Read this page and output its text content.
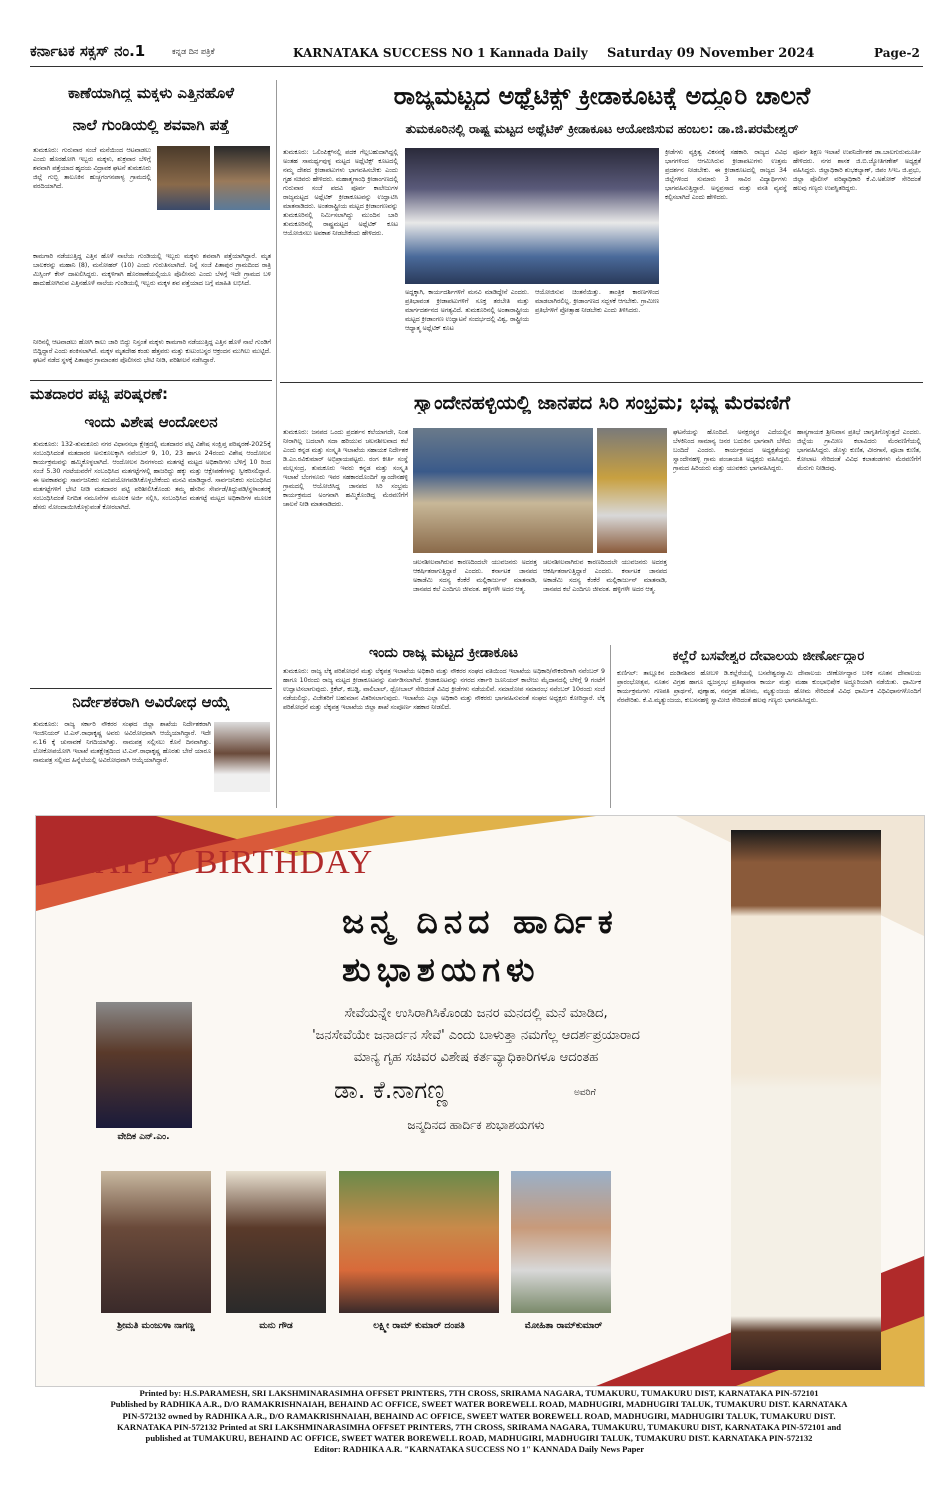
ಕರ್ನಾಟಕ ಸಕ್ಸಸ್ ನಂ.1	ಕನ್ನಡ ದಿನ ಪತ್ರಿಕೆ	KARNATAKA SUCCESS NO 1 Kannada Daily Saturday 09 November 2024	Page-2
ಕಾಣೆಯಾಗಿದ್ದ ಮಕ್ಕಳು ಎತ್ತಿನಹೊಳೆ
ನಾಲೆ ಗುಂಡಿಯಲ್ಲಿ ಶವವಾಗಿ ಪತ್ತೆ
ತುಮಕೂರು: ಗುರುವಾರ ಸಂಜೆ ಮನೆಯಿಂದ ಆಟವಾಡಲು ಎಂದು ಹೊರಹೋಗಿ ಇಬ್ಬರು ಮಕ್ಕಳು, ಶುಕ್ರವಾರ ಬೆಳಿಗ್ಗೆ ಶವವಾಗಿ ಪತ್ತೆಯಾದ ಹೃದಯ ವಿದ್ರಾವಕ ಘಟನೆ ತುಮಕೂರು ಜಿಲ್ಲೆ ಗುಬ್ಬಿ ತಾಲೂಕಿನ ಹುಚ್ಚಗಂಗನಪಾಳ್ಯ ಗ್ರಾಮದಲ್ಲಿ ವರದಿಯಾಗಿದೆ.
ಕಾಮಗಾರಿ ನಡೆಯುತ್ತಿದ್ದ ಎತ್ತಿನ ಹೊಳೆ ನಾಲೆಯ ಗುಂಡಿಯಲ್ಲಿ ಇಬ್ಬರು ಮಕ್ಕಳು ಶವವಾಗಿ ಪತ್ತೆಯಾಗಿದ್ದಾರೆ. ಮೃತ ಬಾಲಕರನ್ನು ಮಹಾನಿ (8), ಮನೋಹರ್ (10) ಎಂದು ಗುರುತಿಸಲಾಗಿದೆ. ನಿನ್ನೆ ಸಂಜೆ ಪಿತಾಪುರ ಗ್ರಾಮದಿಂದ ರಾತ್ರಿ ಮಿಸ್ಸಿಂಗ್ ಕೇಸ್ ದಾಖಲಿಸಿದ್ದರು. ಮಕ್ಕಳಿಗಾಗಿ ಹೊರಠಾಣೆಯಲ್ಲಿಯೂ ಪೊಲೀಸರು ಎಂದು ಬೆಳಗ್ಗೆ ಇದೇ ಗ್ರಾಮದ ಬಳಿ ಹಾದುಹೋಗಿರುವ ಎತ್ತಿನಹೊಳೆ ನಾಲೆಯ ಗುಂಡಿಯಲ್ಲಿ ಇಬ್ಬರು ಮಕ್ಕಳ ಶವ ಪತ್ತೆಯಾದ ಬಗ್ಗೆ ಮಾಹಿತಿ ಲಭಿಸಿದೆ.
ನೀರಿನಲ್ಲಿ ಆಟವಾಡಲು ಹೋಗಿ ಕಾಲು ಜಾರಿ ಬಿದ್ದು ನಿಸ್ತಂತೆ ಮಕ್ಕಳು ಕಾಮಗಾರಿ ನಡೆಯುತ್ತಿದ್ದ ಎತ್ತಿನ ಹೊಳೆ ನಾಲೆ ಗುಂಡಿಗೆ ಬಿದ್ದಿದ್ದಾರೆ ಎಂದು ಶಂಕಿಸಲಾಗಿದೆ. ಮಕ್ಕಳ ಮೃತದೇಹ ಕಂಡು ಹೆತ್ತವರು ಮತ್ತು ಕುಟುಂಬಸ್ಥರ ಆಕ್ರಂದನ ಮುಗಿಲು ಮುಟ್ಟಿದೆ. ಘಟನೆ ನಡೆದ ಸ್ಥಳಕ್ಕೆ ಪಿತಾಪುರ ಗ್ರಾಮಾಂತರ ಪೊಲೀಸರು ಭೇಟಿ ನೀಡಿ, ಪರಿಶೀಲನೆ ನಡೆಸಿದ್ದಾರೆ.
ಮತದಾರರ ಪಟ್ಟಿ ಪರಿಷ್ಕರಣೆ:
ಇಂದು ವಿಶೇಷ ಆಂದೋಲನ
ತುಮಕೂರು: 132-ತುಮಕೂರು ನಗರ ವಿಧಾನಸಭಾ ಕ್ಷೇತ್ರದಲ್ಲಿ ಮತದಾರರ ಪಟ್ಟಿ ವಿಶೇಷ ಸಂಕ್ಷಿಪ್ತ ಪರಿಷ್ಕರಣೆ-2025ಕ್ಕೆ ಸಂಬಂಧಿಸಿದಂತೆ ಮತದಾರರ ಅನುಕೂಲಕ್ಕಾಗಿ ನವೆಂಬರ್ 9, 10, 23 ಹಾಗೂ 24ರಂದು ವಿಶೇಷ ಆಂದೋಲನ ಕಾರ್ಯಕ್ರಮವನ್ನು ಹಮ್ಮಿಕೊಳ್ಳಲಾಗಿದೆ. ಆಂದೋಲನ ದಿನಗಳಂದು ಮತಗಟ್ಟೆ ಮಟ್ಟದ ಅಧಿಕಾರಿಗಳು ಬೆಳಿಗ್ಗೆ 10 ರಿಂದ ಸಂಜೆ 5.30 ಗಂಟೆಯವರೆಗೆ ಸಂಬಂಧಿಸಿದ ಮತಗಟ್ಟೆಗಳಲ್ಲಿ ಹಾಜರಿದ್ದು ಹಕ್ಕು ಮತ್ತು ಆಕ್ಷೇಪಣೆಗಳನ್ನು ಸ್ವೀಕರಿಸಲಿದ್ದಾರೆ. ಈ ಅವಕಾಶವನ್ನು ಸಾರ್ವಜನಿಕರು ಸದುಪಯೋಗಪಡಿಸಿಕೊಳ್ಳಬೇಕೆಂದು ಮನವಿ ಮಾಡಿದ್ದಾರೆ. ಸಾರ್ವಜನಿಕರು ಸಂಬಂಧಿಸಿದ ಮತಗಟ್ಟೆಗಳಿಗೆ ಭೇಟಿ ನೀಡಿ ಮತದಾರರ ಪಟ್ಟಿ ಪರಿಶೀಲಿಸಿಕೊಂಡು ತಮ್ಮ ಹೆಸರಿನ ಸೇರ್ಪಡೆ/ತಿದ್ದುಪಡಿ/ಸ್ಥಳಾಂತರಕ್ಕೆ ಸಂಬಂಧಿಸಿದಂತೆ ನಿಗದಿತ ನಮೂನೆಗಳ ಮೂಲಕ ಅರ್ಜಿ ಸಲ್ಲಿಸಿ, ಸಂಬಂಧಿಸಿದ ಮತಗಟ್ಟೆ ಮಟ್ಟದ ಅಧಿಕಾರಿಗಳ ಮೂಲಕ ಹೆಸರು ನೋಂದಾಯಿಸಿಕೊಳ್ಳುವಂತೆ ಕೋರಲಾಗಿದೆ.
ನಿರ್ದೇಶಕರಾಗಿ ಅವಿರೋಧ ಆಯ್ಕೆ
ತುಮಕೂರು: ರಾಜ್ಯ ಸರ್ಕಾರಿ ನೌಕರರ ಸಂಘದ ಜಿಲ್ಲಾ ಶಾಖೆಯ ನಿರ್ದೇಶಕರಾಗಿ ಇಂಜಿನಿಯರ್ ಟಿ.ಎಸ್.ರಾಧಾಕೃಷ್ಣ ಅವರು ಅವಿರೋಧವಾಗಿ ಆಯ್ಕೆಯಾಗಿದ್ದಾರೆ. ಇದೇ ನ.16 ಕ್ಕೆ ಚುನಾವಣೆ ನಿಗದಿಯಾಗಿತ್ತು. ನಾಮಪತ್ರ ಸಲ್ಲಿಸಲು ಕೊನೆ ದಿನವಾಗಿತ್ತು. ಲೋಕೋಪಯೋಗಿ ಇಲಾಖೆ ಮತಕ್ಷೇತ್ರದಿಂದ ಟಿ.ಎಸ್.ರಾಧಾಕೃಷ್ಣ ಹೊರತು ಬೇರೆ ಯಾರೂ ನಾಮಪತ್ರ ಸಲ್ಲಿಸದ ಹಿನ್ನೆಲೆಯಲ್ಲಿ ಅವಿರೋಧವಾಗಿ ಆಯ್ಕೆಯಾಗಿದ್ದಾರೆ.
ರಾಜ್ಯಮಟ್ಟದ ಅಥ್ಲೆಟಿಕ್ಸ್ ಕ್ರೀಡಾಕೂಟಕ್ಕೆ ಅದ್ದೂರಿ ಚಾಲನೆ
ತುಮಕೂರಿನಲ್ಲಿ ರಾಷ್ಟ್ರ ಮಟ್ಟದ ಅಥ್ಲೆಟಿಕ್ ಕ್ರೀಡಾಕೂಟ ಆಯೋಜಿಸುವ ಹಂಬಲ: ಡಾ.ಜಿ.ಪರಮೇಶ್ವರ್
ತುಮಕೂರು: ಒಲಿಂಪಿಕ್ಸ್‌ನಲ್ಲಿ ಪದಕ ಗೆಲ್ಲಬಹುದಾಗಿದ್ದಲ್ಲಿ ಅಂತಹ ಸಾಮರ್ಥ್ಯವುಳ್ಳ ಮಟ್ಟದ ಅಥ್ಲೆಟಿಕ್ಸ್ ಕೂಟದಲ್ಲಿ ನಮ್ಮ ದೇಶದ ಕ್ರೀಡಾಪಟುಗಳು ಭಾಗವಹಿಸಬೇಕು ಎಂದು ಗೃಹ ಸಚಿವರು ಹೇಳಿದರು. ಮಹಾತ್ಮಗಾಂಧಿ ಕ್ರೀಡಾಂಗಣದಲ್ಲಿ ಗುರುವಾರ ಸಂಜೆ ಪದವಿ ಪೂರ್ವ ಕಾಲೇಜುಗಳ ರಾಜ್ಯಮಟ್ಟದ ಅಥ್ಲೆಟಿಕ್ ಕ್ರೀಡಾಕೂಟವನ್ನು ಉದ್ಘಾಟಿಸಿ ಮಾತನಾಡಿದರು. ಅಂತರಾಷ್ಟ್ರೀಯ ಮಟ್ಟದ ಕ್ರೀಡಾಂಗಣವನ್ನು ತುಮಕೂರಿನಲ್ಲಿ ನಿರ್ಮಿಸಲಾಗಿದ್ದು ಮುಂದಿನ ಬಾರಿ ತುಮಕೂರಿನಲ್ಲಿ ರಾಷ್ಟ್ರಮಟ್ಟದ ಅಥ್ಲೆಟಿಕ್ ಕೂಟ ಆಯೋಜಿಸಲು ಅವಕಾಶ ನೀಡಬೇಕೆಂದು ಹೇಳಿದರು.
ಅದ್ದಕ್ಕಾಗಿ, ಕಾರ್ಯದರ್ಶಿಗಳಿಗೆ ಮನವಿ ಮಾಡಿದ್ದೇನೆ ಎಂದರು. ಪ್ರತಿಭಾವಂತ ಕ್ರೀಡಾಪಟುಗಳಿಗೆ ಸೂಕ್ತ ತರಬೇತಿ ಮತ್ತು ಮಾರ್ಗದರ್ಶನದ ಅಗತ್ಯವಿದೆ. ತುಮಕೂರಿನಲ್ಲಿ ಅಂತಾರಾಷ್ಟ್ರೀಯ ಮಟ್ಟದ ಕ್ರೀಡಾಂಗಣ ಉದ್ಘಾಟನೆ ಸಂದರ್ಭದಲ್ಲಿ ವಿಶ್ವ, ರಾಷ್ಟ್ರೀಯ ಆಧ್ಯಾತ್ಮ ಅಥ್ಲೆಟಿಕ್ ಕೂಟ
ಆಯೋಜಿಸುವ ಚಿಂತನೆಯಿತ್ತು. ತಾಂತ್ರಿಕ ಕಾರಣಗಳಿಂದ ಮಾಡಲಾಗಿರಲಿಲ್ಲ. ಕ್ರೀಡಾಂಗಣದ ಸದ್ಬಳಕೆ ಆಗಬೇಕು. ಗ್ರಾಮೀಣ ಪ್ರತಿಭೆಗಳಿಗೆ ಪ್ರೋತ್ಸಾಹ ನೀಡಬೇಕು ಎಂದು ತಿಳಿಸಿದರು.
ಕ್ರೀಡೆಗಳು ವ್ಯಕ್ತಿತ್ವ ವಿಕಸನಕ್ಕೆ ಸಹಕಾರಿ. ರಾಜ್ಯದ ವಿವಿಧ ಭಾಗಗಳಿಂದ ಆಗಮಿಸಿರುವ ಕ್ರೀಡಾಪಟುಗಳು ಉತ್ತಮ ಪ್ರದರ್ಶನ ನೀಡಬೇಕು. ಈ ಕ್ರೀಡಾಕೂಟದಲ್ಲಿ ರಾಜ್ಯದ 34 ಜಿಲ್ಲೆಗಳಿಂದ ಸುಮಾರು 3 ಸಾವಿರ ವಿದ್ಯಾರ್ಥಿಗಳು ಭಾಗವಹಿಸುತ್ತಿದ್ದಾರೆ. ಅನ್ನಪ್ರಸಾದ ಮತ್ತು ವಸತಿ ವ್ಯವಸ್ಥೆ ಕಲ್ಪಿಸಲಾಗಿದೆ ಎಂದು ಹೇಳಿದರು.
ಪೂರ್ವ ಶಿಕ್ಷಣ ಇಲಾಖೆ ಉಪನಿರ್ದೇಶಕ ಡಾ.ಬಾಲಗುರುಮೂರ್ತಿ ಹೇಳಿದರು. ನಗರ ಶಾಸಕ ಜಿ.ಬಿ.ಜ್ಯೋತಿಗಣೇಶ್ ಅಧ್ಯಕ್ಷತೆ ವಹಿಸಿದ್ದರು. ಜಿಲ್ಲಾಧಿಕಾರಿ ಶುಭಕಲ್ಯಾಣ್, ಜಿಪಂ ಸಿಇಒ ಜಿ.ಪ್ರಭು, ಜಿಲ್ಲಾ ಪೊಲೀಸ್ ವರಿಷ್ಠಾಧಿಕಾರಿ ಕೆ.ವಿ.ಅಶೋಕ್ ಸೇರಿದಂತೆ ಹಲವು ಗಣ್ಯರು ಉಪಸ್ಥಿತರಿದ್ದರು.
ಸ್ವಾಂದೇನಹಳ್ಳಿಯಲ್ಲಿ ಜಾನಪದ ಸಿರಿ ಸಂಭ್ರಮ; ಭವ್ಯ ಮೆರವಣಿಗೆ
ತುಮಕೂರು: ಜನಪದ ಒಂದು ಪ್ರದರ್ಶನ ಕಲೆಯಾಗದೇ, ನಿಂತ ನೀರಾಗಿಲ್ಲ ಬದಲಾಗಿ ಸದಾ ಹರಿಯುವ ಚಲನಶೀಲವಾದ ಕಲೆ ಎಂದು ಕನ್ನಡ ಮತ್ತು ಸಂಸ್ಕೃತಿ ಇಲಾಖೆಯ ಸಹಾಯಕ ನಿರ್ದೇಶಕ ಡಿ.ಎಂ.ರವಿಕುಮಾರ್ ಅಭಿಪ್ರಾಯಪಟ್ಟರು. ರಂಗ ಕೀರ್ತಿ ಸಂಸ್ಥೆ ಮಲ್ಲಸಂದ್ರ, ತುಮಕೂರು ಇವರು ಕನ್ನಡ ಮತ್ತು ಸಂಸ್ಕೃತಿ ಇಲಾಖೆ ಬೆಂಗಳೂರು ಇವರ ಸಹಕಾರದೊಂದಿಗೆ ಸ್ವಾಂದೇನಹಳ್ಳಿ ಗ್ರಾಮದಲ್ಲಿ ಆಯೋಜಿಸಿದ್ದ ಜಾನಪದ ಸಿರಿ ಸಂಭ್ರಮ ಕಾರ್ಯಕ್ರಮದ ಅಂಗವಾಗಿ ಹಮ್ಮಿಕೊಂಡಿದ್ದ ಮೆರವಣಿಗೆಗೆ ಚಾಲನೆ ನೀಡಿ ಮಾತನಾಡಿದರು.
ಚಲನಶೀಲವಾಗಿರುವ ಕಾರಣದಿಂದಲೇ ಯುವಜನರು ಅದರತ್ತ ಆಕರ್ಷಿತರಾಗುತ್ತಿದ್ದಾರೆ ಎಂದರು. ಕರ್ನಾಟಕ ಜಾನಪದ ಅಕಾಡೆಮಿ ಸದಸ್ಯ ಕೆಂಕೆರೆ ಮಲ್ಲಿಕಾರ್ಜುನ್ ಮಾತನಾಡಿ, ಜಾನಪದ ಕಲೆ ಎಂದಿಗೂ ಜೀವಂತ. ಹಳ್ಳಿಗಳೇ ಅದರ ಆತ್ಮ.
ಚಲನಶೀಲವಾಗಿರುವ ಕಾರಣದಿಂದಲೇ ಯುವಜನರು ಅದರತ್ತ ಆಕರ್ಷಿತರಾಗುತ್ತಿದ್ದಾರೆ ಎಂದರು. ಕರ್ನಾಟಕ ಜಾನಪದ ಅಕಾಡೆಮಿ ಸದಸ್ಯ ಕೆಂಕೆರೆ ಮಲ್ಲಿಕಾರ್ಜುನ್ ಮಾತನಾಡಿ, ಜಾನಪದ ಕಲೆ ಎಂದಿಗೂ ಜೀವಂತ. ಹಳ್ಳಿಗಳೇ ಅದರ ಆತ್ಮ.
ಘಟನೆಯನ್ನು ಹೊಂದಿದೆ. ಅನಕ್ಷರಸ್ಥರ ಎದೆಯಲ್ಲಿನ ಬೆಳಕಿನಿಂದ ಸಾಮಾನ್ಯ ಜನರ ಬದುಕಿನ ಭಾಗವಾಗಿ ಬೆಳೆದು ಬಂದಿದೆ ಎಂದರು. ಕಾರ್ಯಕ್ರಮದ ಅಧ್ಯಕ್ಷತೆಯನ್ನು ಸ್ವಾಂದೇನಹಳ್ಳಿ ಗ್ರಾಮ ಪಂಚಾಯತಿ ಅಧ್ಯಕ್ಷರು ವಹಿಸಿದ್ದರು. ಗ್ರಾಮದ ಹಿರಿಯರು ಮತ್ತು ಯುವಕರು ಭಾಗವಹಿಸಿದ್ದರು.
ಹಾಸ್ಯಗಾಯಕ ಶ್ರೀನಿವಾಸ ಪ್ರತಿಭೆ ಜಾಗೃತಿಗೊಳ್ಳುತ್ತದೆ ಎಂದರು. ಜಿಲ್ಲೆಯ ಗ್ರಾಮೀಣ ಕಲಾವಿದರು ಮೆರವಣಿಗೆಯಲ್ಲಿ ಭಾಗವಹಿಸಿದ್ದರು. ಡೊಳ್ಳು ಕುಣಿತ, ವೀರಗಾಸೆ, ಪೂಜಾ ಕುಣಿತ, ಕೋಲಾಟ ಸೇರಿದಂತೆ ವಿವಿಧ ಕಲಾತಂಡಗಳು ಮೆರವಣಿಗೆಗೆ ಮೆರುಗು ನೀಡಿದವು.
ಇಂದು ರಾಜ್ಯ ಮಟ್ಟದ ಕ್ರೀಡಾಕೂಟ
ತುಮಕೂರು: ರಾಜ್ಯ ಲೆಕ್ಕ ಪರಿಶೋಧನೆ ಮತ್ತು ಲೆಕ್ಕಪತ್ರ ಇಲಾಖೆಯ ಅಧಿಕಾರಿ ಮತ್ತು ನೌಕರರ ಸಂಘದ ವತಿಯಿಂದ ಇಲಾಖೆಯ ಅಧಿಕಾರಿ/ನೌಕರರಿಗಾಗಿ ನವೆಂಬರ್ 9 ಹಾಗೂ 10ರಂದು ರಾಜ್ಯ ಮಟ್ಟದ ಕ್ರೀಡಾಕೂಟವನ್ನು ಏರ್ಪಡಿಸಲಾಗಿದೆ. ಕ್ರೀಡಾಕೂಟವನ್ನು ನಗರದ ಸರ್ಕಾರಿ ಜೂನಿಯರ್ ಕಾಲೇಜು ಮೈದಾನದಲ್ಲಿ ಬೆಳಿಗ್ಗೆ 9 ಗಂಟೆಗೆ ಉದ್ಘಾಟಿಸಲಾಗುವುದು. ಕ್ರಿಕೆಟ್, ಕಬಡ್ಡಿ, ವಾಲಿಬಾಲ್, ಥ್ರೋಬಾಲ್ ಸೇರಿದಂತೆ ವಿವಿಧ ಕ್ರೀಡೆಗಳು ನಡೆಯಲಿವೆ. ಸಮಾರೋಪ ಸಮಾರಂಭ ನವೆಂಬರ್ 10ರಂದು ಸಂಜೆ ನಡೆಯಲಿದ್ದು, ವಿಜೇತರಿಗೆ ಬಹುಮಾನ ವಿತರಿಸಲಾಗುವುದು. ಇಲಾಖೆಯ ಎಲ್ಲಾ ಅಧಿಕಾರಿ ಮತ್ತು ನೌಕರರು ಭಾಗವಹಿಸುವಂತೆ ಸಂಘದ ಅಧ್ಯಕ್ಷರು ಕೋರಿದ್ದಾರೆ. ಲೆಕ್ಕ ಪರಿಶೋಧನೆ ಮತ್ತು ಲೆಕ್ಕಪತ್ರ ಇಲಾಖೆಯ ಜಿಲ್ಲಾ ಶಾಖೆ ಸಂಪೂರ್ಣ ಸಹಕಾರ ನೀಡಲಿದೆ.
ಕಲ್ಲೆರೆ ಬಸವೇಶ್ವರ ದೇವಾಲಯ ಜೀರ್ಣೋದ್ಧಾರ
ಕುಣಿಗಲ್: ತಾಲ್ಲೂಕಿನ ದಂಡಿನಶಿವರ ಹೋಬಳಿ ಡಿ.ಕಲ್ಲೆರೆಯಲ್ಲಿ ಬಸವೇಶ್ವರಸ್ವಾಮಿ ದೇವಾಲಯ ಜೀರ್ಣೋದ್ಧಾರ ಬಳಿಕ ನೂತನ ದೇವಾಲಯ ಪ್ರಾರಂಭೋತ್ಸವ, ನೂತನ ವಿಗ್ರಹ ಹಾಗೂ ಧ್ವಜಸ್ತಂಭ ಪ್ರತಿಷ್ಠಾಪನಾ ಕಾರ್ಯ ಮತ್ತು ಮಹಾ ಕುಂಭಾಭಿಷೇಕ ಅದ್ಧೂರಿಯಾಗಿ ನಡೆಯಿತು. ಧಾರ್ಮಿಕ ಕಾರ್ಯಕ್ರಮಗಳು ಗಣಪತಿ ಪ್ರಾರ್ಥನೆ, ಪುಣ್ಯಾಹ, ನವಗ್ರಹ ಹೋಮ, ಮೃತ್ಯುಂಜಯ ಹೋಮ ಸೇರಿದಂತೆ ವಿವಿಧ ಧಾರ್ಮಿಕ ವಿಧಿವಿಧಾನಗಳೊಂದಿಗೆ ನೆರವೇರಿತು. ಕೆ.ವಿ.ಮೃತ್ಯುಂಜಯ, ಕುಬಸನಹಳ್ಳಿ ಸ್ವಾಮೀಜಿ ಸೇರಿದಂತೆ ಹಲವು ಗಣ್ಯರು ಭಾಗವಹಿಸಿದ್ದರು.
HAPPY BIRTHDAY
ಜನ್ಮ ದಿನದ ಹಾರ್ದಿಕ
ಶುಭಾಶಯಗಳು
ಸೇವೆಯನ್ನೇ ಉಸಿರಾಗಿಸಿಕೊಂಡು ಜನರ ಮನದಲ್ಲಿ ಮನೆ ಮಾಡಿದ,
'ಜನಸೇವೆಯೇ ಜನಾರ್ದನ ಸೇವೆ' ಎಂದು ಬಾಳುತ್ತಾ ನಮಗೆಲ್ಲ ಆದರ್ಶಪ್ರಯಾರಾದ
ಮಾನ್ಯ ಗೃಹ ಸಚಿವರ ವಿಶೇಷ ಕರ್ತವ್ಯಾಧಿಕಾರಿಗಳೂ ಆದಂತಹ
ಡಾ. ಕೆ.ನಾಗಣ್ಣ	ಅವರಿಗೆ
ಜನ್ಮದಿನದ ಹಾರ್ದಿಕ ಶುಭಾಶಯಗಳು
ವೇದಿಕ ಎನ್.ಎಂ.
ಶ್ರೀಮತಿ ಮಂಜುಳಾ ನಾಗಣ್ಣ	ಮನು ಗೌಡ	ಲಕ್ಷ್ಮೀ ರಾಮ್ ಕುಮಾರ್ ದಂಪತಿ	ಮೋಹಿತಾ ರಾಮ್‌ಕುಮಾರ್
Printed by: H.S.PARAMESH, SRI LAKSHMINARASIMHA OFFSET PRINTERS, 7TH CROSS, SRIRAMA NAGARA, TUMAKURU, TUMAKURU DIST, KARNATAKA PIN-572101
Published by RADHIKA A.R., D/O RAMAKRISHNAIAH, BEHAIND AC OFFICE, SWEET WATER BOREWELL ROAD, MADHUGIRI, MADHUGIRI TALUK, TUMAKURU DIST. KARNATAKA
PIN-572132 owned by RADHIKA A.R., D/O RAMAKRISHNAIAH, BEHAIND AC OFFICE, SWEET WATER BOREWELL ROAD, MADHUGIRI, MADHUGIRI TALUK, TUMAKURU DIST.
KARNATAKA PIN-572132 Printed at SRI LAKSHMINARASIMHA OFFSET PRINTERS, 7TH CROSS, SRIRAMA NAGARA, TUMAKURU, TUMAKURU DIST, KARNATAKA PIN-572101 and
published at TUMAKURU, BEHAIND AC OFFICE, SWEET WATER BOREWELL ROAD, MADHUGIRI, MADHUGIRI TALUK, TUMAKURU DIST. KARNATAKA PIN-572132
Editor: RADHIKA A.R. "KARNATAKA SUCCESS NO 1" KANNADA Daily News Paper
